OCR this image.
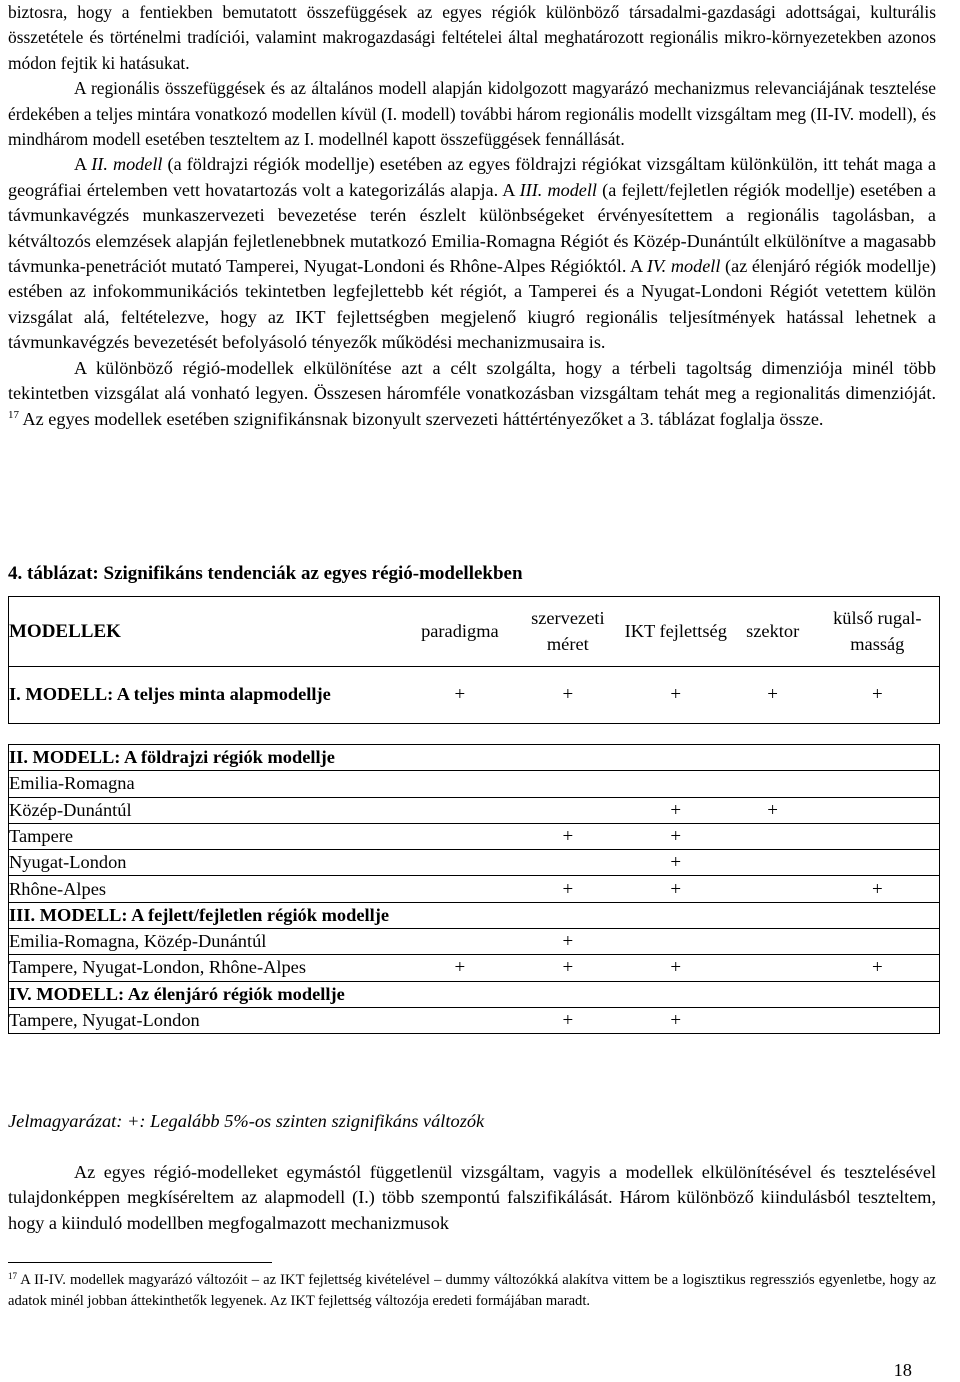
biztosra, hogy a fentiekben bemutatott összefüggések az egyes régiók különböző társadalmi-gazdasági adottságai, kulturális összetétele és történelmi tradíciói, valamint makrogazdasági feltételei által meghatározott regionális mikro-környezetekben azonos módon fejtik ki hatásukat.

A regionális összefüggések és az általános modell alapján kidolgozott magyarázó mechanizmus relevanciájának tesztelése érdekében a teljes mintára vonatkozó modellen kívül (I. modell) további három regionális modellt vizsgáltam meg (II-IV. modell), és mindhárom modell esetében teszteltem az I. modellnél kapott összefüggések fennállását.

A II. modell (a földrajzi régiók modellje) esetében az egyes földrajzi régiókat vizsgáltam különkülön, itt tehát maga a geográfiai értelemben vett hovatartozás volt a kategorizálás alapja. A III. modell (a fejlett/fejletlen régiók modellje) esetében a távmunkavégzés munkaszervezeti bevezetése terén észlelt különbségeket érvényesítettem a regionális tagolásban, a kétváltozós elemzések alapján fejletlenebbnek mutatkozó Emilia-Romagna Régiót és Közép-Dunántúlt elkülönítve a magasabb távmunka-penetrációt mutató Tamperei, Nyugat-Londoni és Rhône-Alpes Régióktól. A IV. modell (az élenjáró régiók modellje) estében az infokommunikációs tekintetben legfejlettebb két régiót, a Tamperei és a Nyugat-Londoni Régiót vetettem külön vizsgálat alá, feltételezve, hogy az IKT fejlettségben megjelenő kiugró regionális teljesítmények hatással lehetnek a távmunkavégzés bevezetését befolyásoló tényezők működési mechanizmusaira is.

A különböző régió-modellek elkülönítése azt a célt szolgálta, hogy a térbeli tagoltság dimenziója minél több tekintetben vizsgálat alá vonható legyen. Összesen háromféle vonatkozásban vizsgáltam tehát meg a regionalitás dimenzióját. $^{17}$ Az egyes modellek esetében szignifikánsnak bizonyult szervezeti háttértényezőket a 3. táblázat foglalja össze.

4. táblázat: Szignifikáns tendenciák az egyes régió-modellekben
MODELLEK	paradigma	szervezeti méret	IKT fejlettség	szektor	külső rugal-masság
I. MODELL: A teljes minta alapmodellje	+	+	+	+	+

II. MODELL: A földrajzi régiók modellje					
Emilia-Romagna					
Közép-Dunántúl			+	+	
Tampere		+	+		
Nyugat-London			+		
Rhône-Alpes		+	+		+
III. MODELL: A fejlett/fejletlen régiók modellje					
Emilia-Romagna, Közép-Dunántúl		+			
Tampere, Nyugat-London, Rhône-Alpes	+	+	+		+
IV. MODELL: Az élenjáró régiók modellje					
Tampere, Nyugat-London		+	+		
Jelmagyarázat: +: Legalább 5%-os szinten szignifikáns változók

Az egyes régió-modelleket egymástól függetlenül vizsgáltam, vagyis a modellek elkülönítésével és tesztelésével tulajdonképpen megkíséreltem az alapmodell (I.) több szempontú falszifikálását. Három különböző kiindulásból teszteltem, hogy a kiinduló modellben megfogalmazott mechanizmusok

$^{17}$ A II-IV. modellek magyarázó változóit – az IKT fejlettség kivételével – dummy változókká alakítva vittem be a logisztikus regressziós egyenletbe, hogy az adatok minél jobban áttekinthetők legyenek. Az IKT fejlettség változója eredeti formájában maradt.

18
